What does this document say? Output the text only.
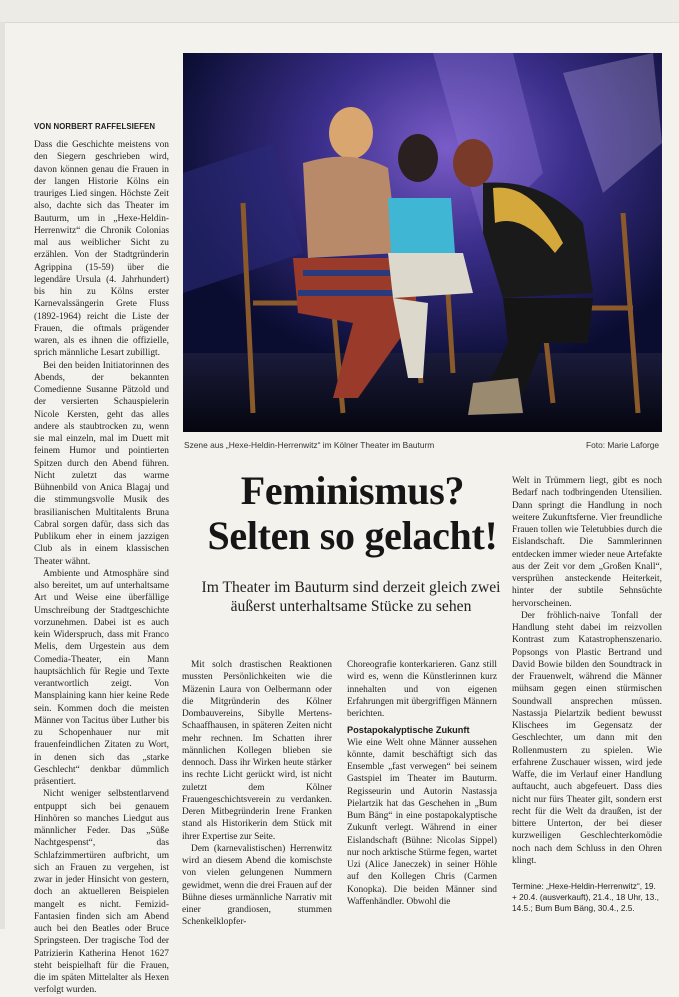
VON NORBERT RAFFELSIEFEN

Dass die Geschichte meistens von den Siegern geschrieben wird, davon können genau die Frauen in der langen Historie Kölns ein trauriges Lied singen. Höchste Zeit also, dachte sich das Theater im Bauturm, um in „Hexe-Heldin-Herrenwitz“ die Chronik Colonias mal aus weiblicher Sicht zu erzählen. Von der Stadtgründerin Agrippina (15-59) über die legendäre Ursula (4. Jahrhundert) bis hin zu Kölns erster Karnevalssängerin Grete Fluss (1892-1964) reicht die Liste der Frauen, die oftmals prägender waren, als es ihnen die offizielle, sprich männliche Lesart zubilligt.

Bei den beiden Initiatorinnen des Abends, der bekannten Comedienne Susanne Pätzold und der versierten Schauspielerin Nicole Kersten, geht das alles andere als staubtrocken zu, wenn sie mal einzeln, mal im Duett mit feinem Humor und pointierten Spitzen durch den Abend führen. Nicht zuletzt das warme Bühnenbild von Anica Blagaj und die stimmungsvolle Musik des brasilianischen Multitalents Bruna Cabral sorgen dafür, dass sich das Publikum eher in einem jazzigen Club als in einem klassischen Theater wähnt.

Ambiente und Atmosphäre sind also bereitet, um auf unterhaltsame Art und Weise eine überfällige Umschreibung der Stadtgeschichte vorzunehmen. Dabei ist es auch kein Widerspruch, dass mit Franco Melis, dem Urgestein aus dem Comedia-Theater, ein Mann hauptsächlich für Regie und Texte verantwortlich zeigt. Von Mansplaining kann hier keine Rede sein. Kommen doch die meisten Männer von Tacitus über Luther bis zu Schopenhauer nur mit frauenfeindlichen Zitaten zu Wort, in denen sich das „starke Geschlecht“ denkbar dümmlich präsentiert.

Nicht weniger selbstentlarvend entpuppt sich bei genauem Hinhören so manches Liedgut aus männlicher Feder. Das „Süße Nachtgespenst“, das Schlafzimmertüren aufbricht, um sich an Frauen zu vergehen, ist zwar in jeder Hinsicht von gestern, doch an aktuelleren Beispielen mangelt es nicht. Femizid-Fantasien finden sich am Abend auch bei den Beatles oder Bruce Springsteen. Der tragische Tod der Patrizierin Katherina Henot 1627 steht beispielhaft für die Frauen, die im späten Mittelalter als Hexen verfolgt wurden.

Szene aus „Hexe-Heldin-Herrenwitz“ im Kölner Theater im Bauturm	Foto: Marie Laforge
Feminismus?
Selten so gelacht!
Im Theater im Bauturm sind derzeit gleich zwei äußerst unterhaltsame Stücke zu sehen

Mit solch drastischen Reaktionen mussten Persönlichkeiten wie die Mäzenin Laura von Oelbermann oder die Mitgründerin des Kölner Dombauvereins, Sibylle Mertens-Schaaffhausen, in späteren Zeiten nicht mehr rechnen. Im Schatten ihrer männlichen Kollegen blieben sie dennoch. Dass ihr Wirken heute stärker ins rechte Licht gerückt wird, ist nicht zuletzt dem Kölner Frauengeschichtsverein zu verdanken. Deren Mitbegründerin Irene Franken stand als Historikerin dem Stück mit ihrer Expertise zur Seite.

Dem (karnevalistischen) Herrenwitz wird an diesem Abend die komischste von vielen gelungenen Nummern gewidmet, wenn die drei Frauen auf der Bühne dieses urmännliche Narrativ mit einer grandiosen, stummen Schenkelklopfer-

Choreografie konterkarieren. Ganz still wird es, wenn die Künstlerinnen kurz innehalten und von eigenen Erfahrungen mit übergriffigen Männern berichten.

Postapokalyptische Zukunft

Wie eine Welt ohne Männer aussehen könnte, damit beschäftigt sich das Ensemble „fast verwegen“ bei seinem Gastspiel im Theater im Bauturm. Regisseurin und Autorin Nastassja Pielartzik hat das Geschehen in „Bum Bum Bäng“ in eine postapokalyptische Zukunft verlegt. Während in einer Eislandschaft (Bühne: Nicolas Sippel) nur noch arktische Stürme fegen, wartet Uzi (Alice Janeczek) in seiner Höhle auf den Kollegen Chris (Carmen Konopka). Die beiden Männer sind Waffenhändler. Obwohl die

Welt in Trümmern liegt, gibt es noch Bedarf nach todbringenden Utensilien. Dann springt die Handlung in noch weitere Zukunftsferne. Vier freundliche Frauen tollen wie Teletubbies durch die Eislandschaft. Die Sammlerinnen entdecken immer wieder neue Artefakte aus der Zeit vor dem „Großen Knall“, versprühen ansteckende Heiterkeit, hinter der subtile Sehnsüchte hervorscheinen.

Der fröhlich-naive Tonfall der Handlung steht dabei im reizvollen Kontrast zum Katastrophenszenario. Popsongs von Plastic Bertrand und David Bowie bilden den Soundtrack in der Frauenwelt, während die Männer mühsam gegen einen stürmischen Soundwall ansprechen müssen. Nastassja Pielartzik bedient bewusst Klischees im Gegensatz der Geschlechter, um dann mit den Rollenmustern zu spielen. Wie erfahrene Zuschauer wissen, wird jede Waffe, die im Verlauf einer Handlung auftaucht, auch abgefeuert. Dass dies nicht nur fürs Theater gilt, sondern erst recht für die Welt da draußen, ist der bittere Unterton, der bei dieser kurzweiligen Geschlechterkomödie noch nach dem Schluss in den Ohren klingt.

Termine: „Hexe-Heldin-Herrenwitz“, 19. + 20.4. (ausverkauft), 21.4., 18 Uhr, 13., 14.5.; Bum Bum Bäng, 30.4., 2.5.
